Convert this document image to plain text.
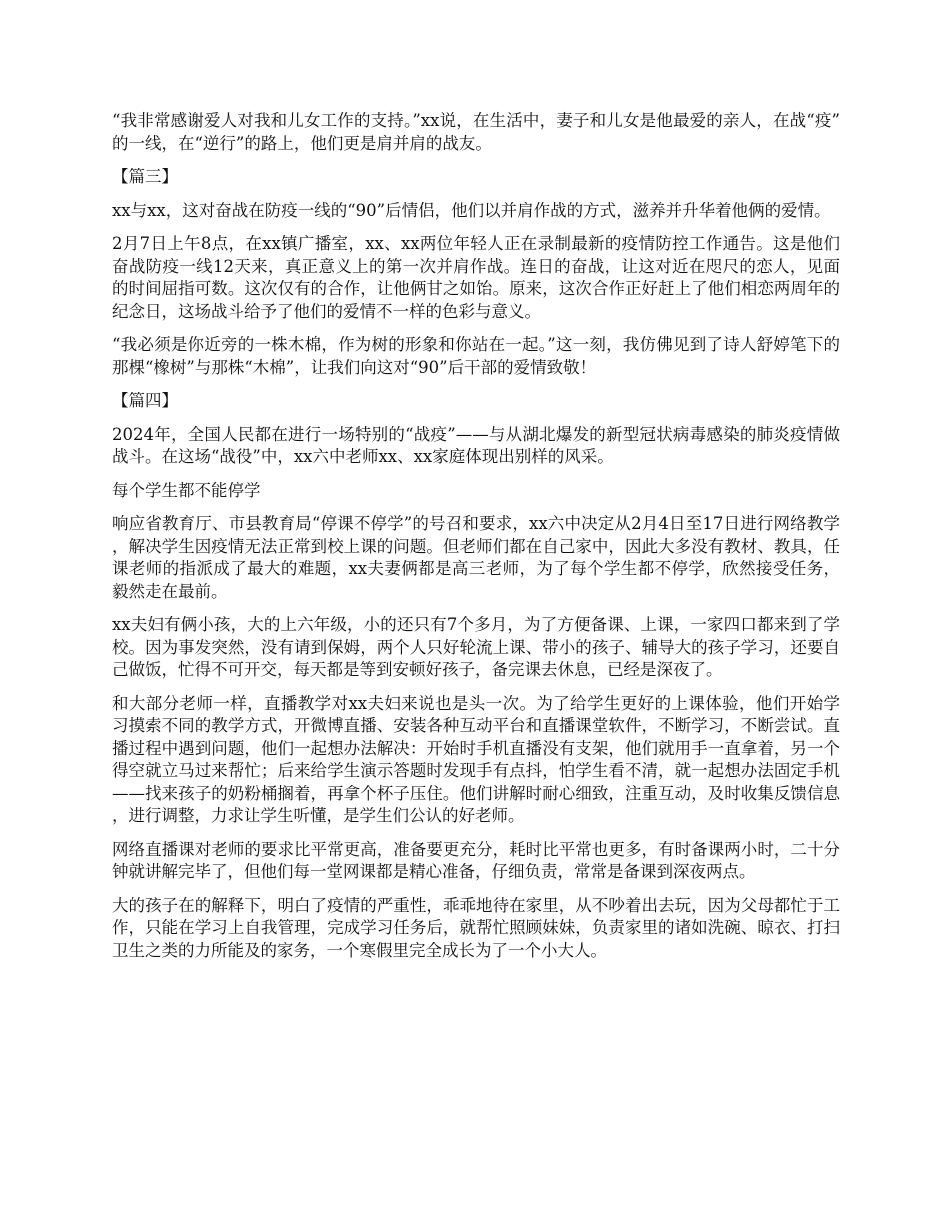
“我非常感谢爱人对我和儿女工作的支持。”xx说，在生活中，妻子和儿女是他最爱的亲人，在战“疫”的一线，在“逆行”的路上，他们更是肩并肩的战友。

【篇三】

xx与xx，这对奋战在防疫一线的“90”后情侣，他们以并肩作战的方式，滋养并升华着他俩的爱情。

2月7日上午8点，在xx镇广播室，xx、xx两位年轻人正在录制最新的疫情防控工作通告。这是他们奋战防疫一线12天来，真正意义上的第一次并肩作战。连日的奋战，让这对近在咫尺的恋人，见面的时间屈指可数。这次仅有的合作，让他俩甘之如饴。原来，这次合作正好赶上了他们相恋两周年的纪念日，这场战斗给予了他们的爱情不一样的色彩与意义。

“我必须是你近旁的一株木棉，作为树的形象和你站在一起。”这一刻，我仿佛见到了诗人舒婷笔下的那棵“橡树”与那株“木棉”，让我们向这对“90”后干部的爱情致敬！

【篇四】

2024年，全国人民都在进行一场特别的“战疫”——与从湖北爆发的新型冠状病毒感染的肺炎疫情做战斗。在这场“战役”中，xx六中老师xx、xx家庭体现出别样的风采。

每个学生都不能停学

响应省教育厅、市县教育局“停课不停学”的号召和要求，xx六中决定从2月4日至17日进行网络教学，解决学生因疫情无法正常到校上课的问题。但老师们都在自己家中，因此大多没有教材、教具，任课老师的指派成了最大的难题，xx夫妻俩都是高三老师，为了每个学生都不停学，欣然接受任务，毅然走在最前。

xx夫妇有俩小孩，大的上六年级，小的还只有7个多月，为了方便备课、上课，一家四口都来到了学校。因为事发突然，没有请到保姆，两个人只好轮流上课、带小的孩子、辅导大的孩子学习，还要自己做饭，忙得不可开交，每天都是等到安顿好孩子，备完课去休息，已经是深夜了。

和大部分老师一样，直播教学对xx夫妇来说也是头一次。为了给学生更好的上课体验，他们开始学习摸索不同的教学方式，开微博直播、安装各种互动平台和直播课堂软件，不断学习，不断尝试。直播过程中遇到问题，他们一起想办法解决：开始时手机直播没有支架，他们就用手一直拿着，另一个得空就立马过来帮忙；后来给学生演示答题时发现手有点抖，怕学生看不清，就一起想办法固定手机——找来孩子的奶粉桶搁着，再拿个杯子压住。他们讲解时耐心细致，注重互动，及时收集反馈信息，进行调整，力求让学生听懂，是学生们公认的好老师。

网络直播课对老师的要求比平常更高，准备要更充分，耗时比平常也更多，有时备课两小时，二十分钟就讲解完毕了，但他们每一堂网课都是精心准备，仔细负责，常常是备课到深夜两点。

大的孩子在的解释下，明白了疫情的严重性，乖乖地待在家里，从不吵着出去玩，因为父母都忙于工作，只能在学习上自我管理，完成学习任务后，就帮忙照顾妹妹，负责家里的诸如洗碗、晾衣、打扫卫生之类的力所能及的家务，一个寒假里完全成长为了一个小大人。
